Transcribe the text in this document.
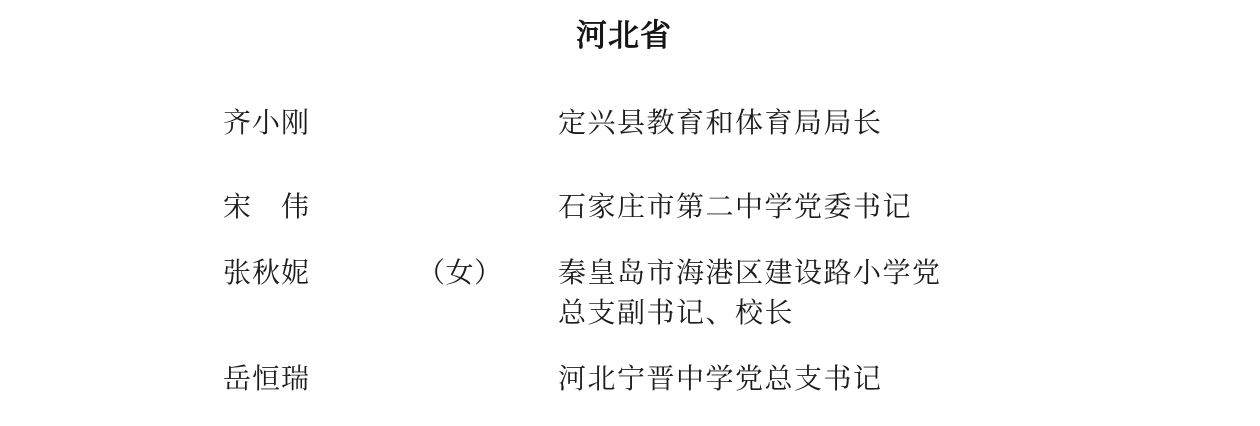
河北省
齐小刚	定兴县教育和体育局局长
宋　伟	石家庄市第二中学党委书记
张秋妮	（女） 秦皇岛市海港区建设路小学党总支副书记、校长
岳恒瑞	河北宁晋中学党总支书记
